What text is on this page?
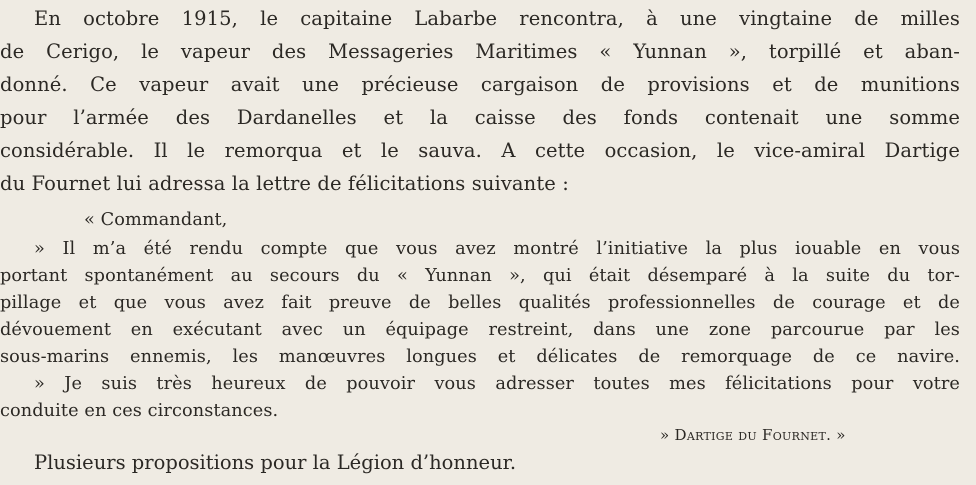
En octobre 1915, le capitaine Labarbe rencontra, à une vingtaine de milles
de Cerigo, le vapeur des Messageries Maritimes « Yunnan », torpillé et aban-
donné. Ce vapeur avait une précieuse cargaison de provisions et de munitions
pour l’armée des Dardanelles et la caisse des fonds contenait une somme
considérable. Il le remorqua et le sauva. A cette occasion, le vice-amiral Dartige
du Fournet lui adressa la lettre de félicitations suivante :
« Commandant,
» Il m’a été rendu compte que vous avez montré l’initiative la plus iouable en vous
portant spontanément au secours du « Yunnan », qui était désemparé à la suite du tor-
pillage et que vous avez fait preuve de belles qualités professionnelles de courage et de
dévouement en exécutant avec un équipage restreint, dans une zone parcourue par les
sous-marins ennemis, les manœuvres longues et délicates de remorquage de ce navire.
» Je suis très heureux de pouvoir vous adresser toutes mes félicitations pour votre
conduite en ces circonstances.
» Dartige du Fournet. »
Plusieurs propositions pour la Légion d’honneur.
